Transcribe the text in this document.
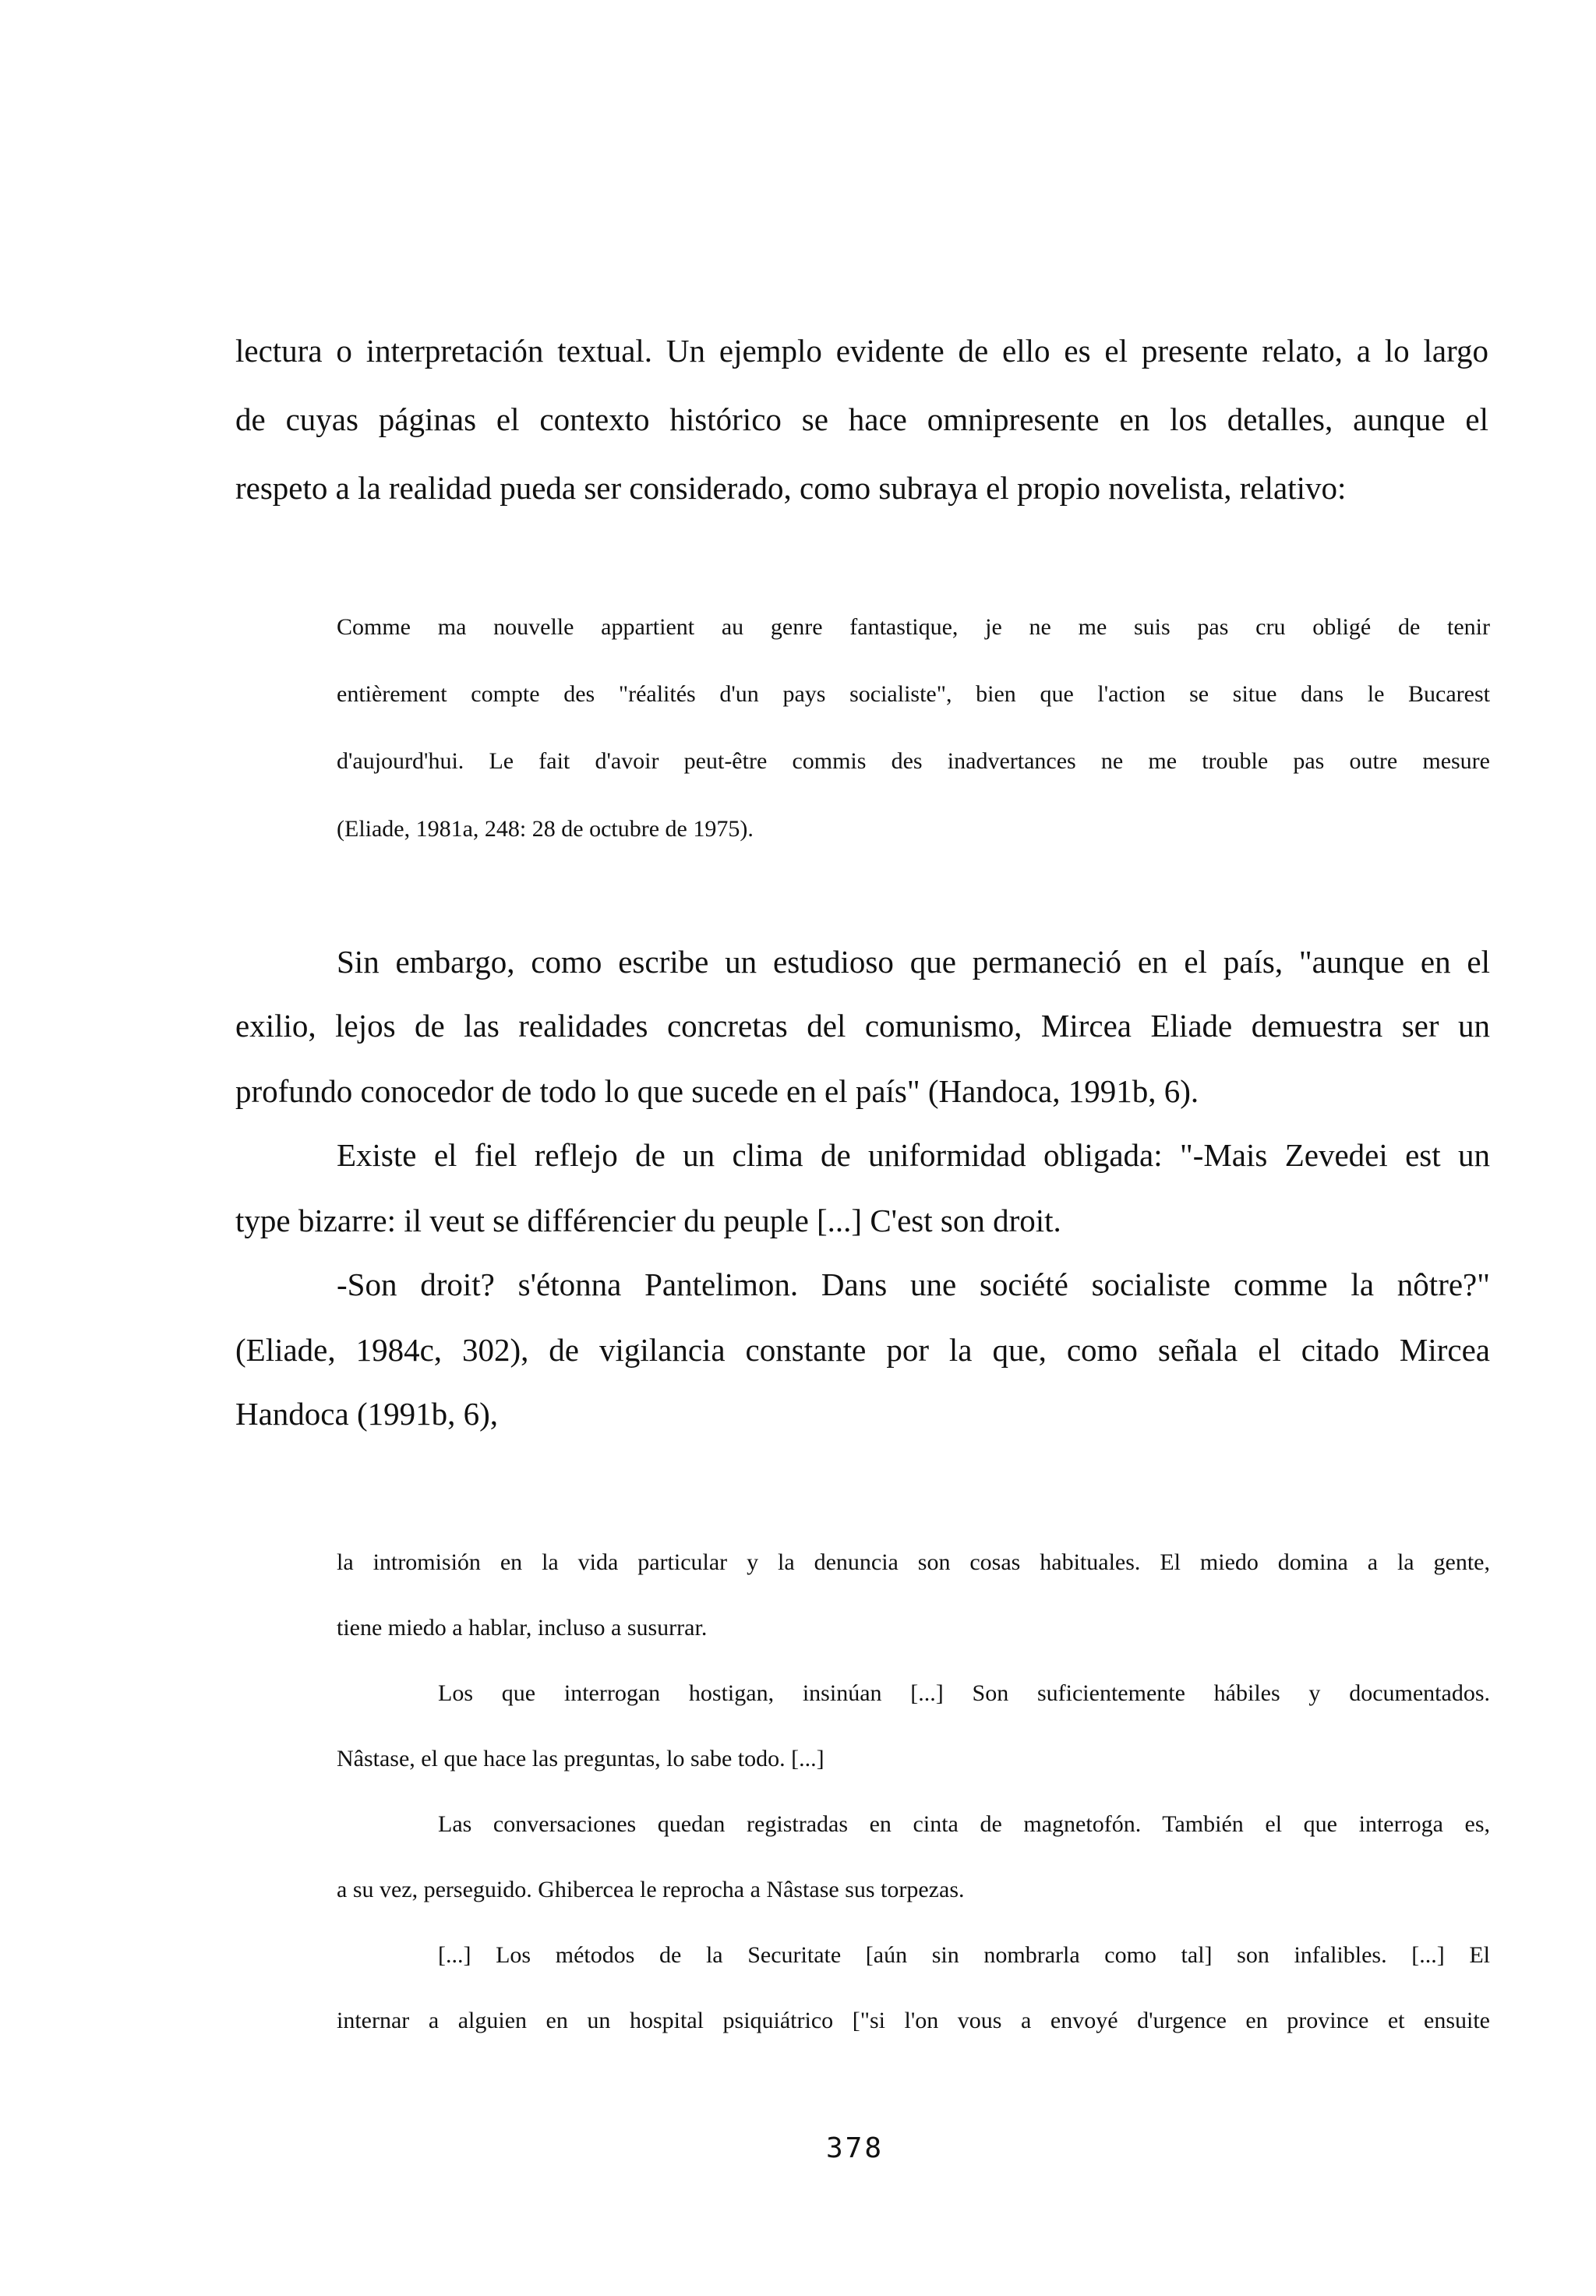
lectura o interpretación textual. Un ejemplo evidente de ello es el presente relato, a lo largo

de cuyas páginas el contexto histórico se hace omnipresente en los detalles, aunque el

respeto a la realidad pueda ser considerado, como subraya el propio novelista, relativo:

Comme ma nouvelle appartient au genre fantastique, je ne me suis pas cru obligé de tenir

entièrement compte des "réalités d'un pays socialiste", bien que l'action se situe dans le Bucarest

d'aujourd'hui. Le fait d'avoir peut-être commis des inadvertances ne me trouble pas outre mesure

(Eliade, 1981a, 248: 28 de octubre de 1975).

Sin embargo, como escribe un estudioso que permaneció en el país, "aunque en el

exilio, lejos de las realidades concretas del comunismo, Mircea Eliade demuestra ser un

profundo conocedor de todo lo que sucede en el país" (Handoca, 1991b, 6).

Existe el fiel reflejo de un clima de uniformidad obligada: "-Mais Zevedei est un

type bizarre: il veut se différencier du peuple [...] C'est son droit.

-Son droit? s'étonna Pantelimon. Dans une société socialiste comme la nôtre?"

(Eliade, 1984c, 302), de vigilancia constante por la que, como señala el citado Mircea

Handoca (1991b, 6),

la intromisión en la vida particular y la denuncia son cosas habituales. El miedo domina a la gente,

tiene miedo a hablar, incluso a susurrar.

Los que interrogan hostigan, insinúan [...] Son suficientemente hábiles y documentados.

Nâstase, el que hace las preguntas, lo sabe todo. [...]

Las conversaciones quedan registradas en cinta de magnetofón. También el que interroga es,

a su vez, perseguido. Ghibercea le reprocha a Nâstase sus torpezas.

[...] Los métodos de la Securitate [aún sin nombrarla como tal] son infalibles. [...] El

internar a alguien en un hospital psiquiátrico ["si l'on vous a envoyé d'urgence en province et ensuite

378
